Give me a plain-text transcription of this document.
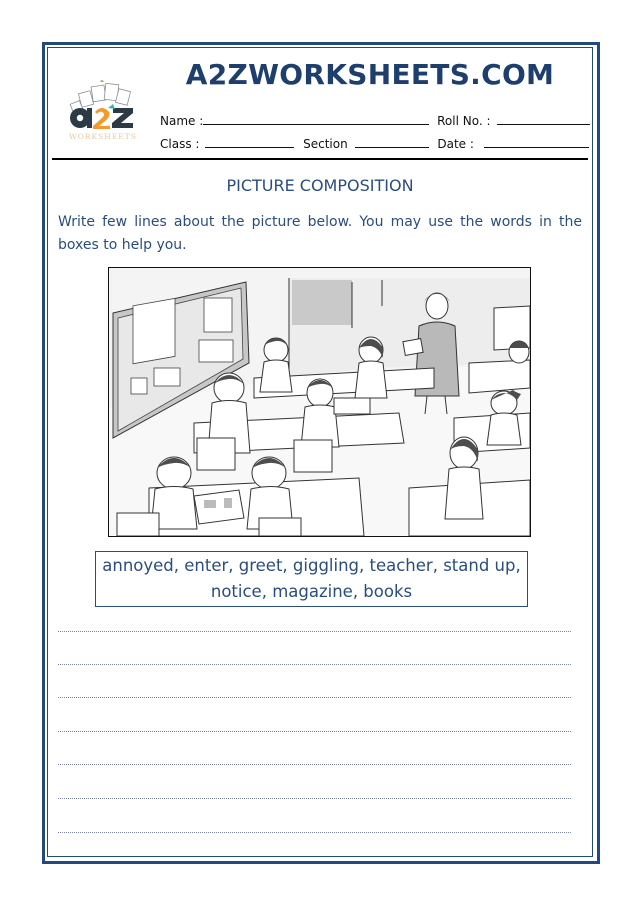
WORKSHEETS
A2ZWORKSHEETS.COM
Name :	Roll No. :
Class :	Section	Date :
PICTURE COMPOSITION
Write few lines about the picture below. You may use the words in the boxes to help you.
annoyed, enter, greet, giggling, teacher, stand up,
notice, magazine, books
